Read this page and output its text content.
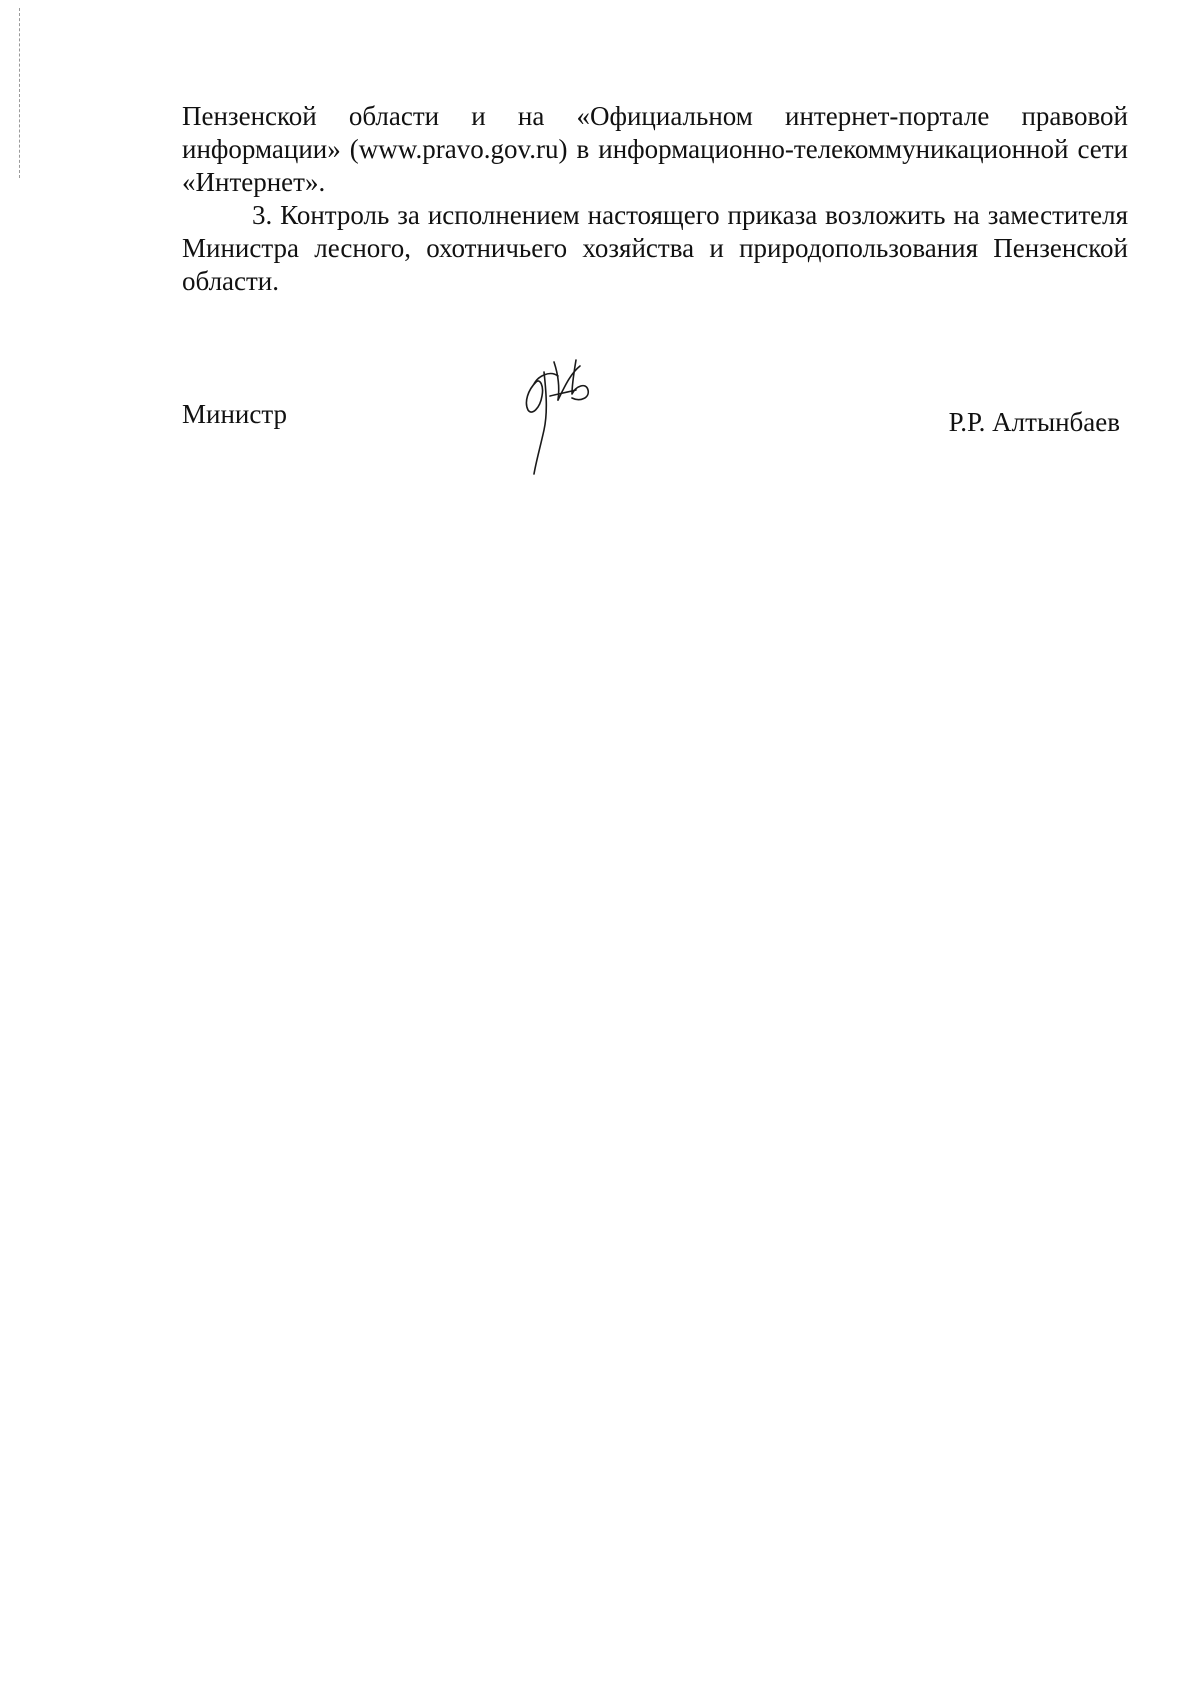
Пензенской области и на «Официальном интернет-портале правовой информации» (www.pravo.gov.ru) в информационно-телекоммуникационной сети «Интернет».

3. Контроль за исполнением настоящего приказа возложить на заместителя Министра лесного, охотничьего хозяйства и природопользования Пензенской области.

Министр	Р.Р. Алтынбаев
